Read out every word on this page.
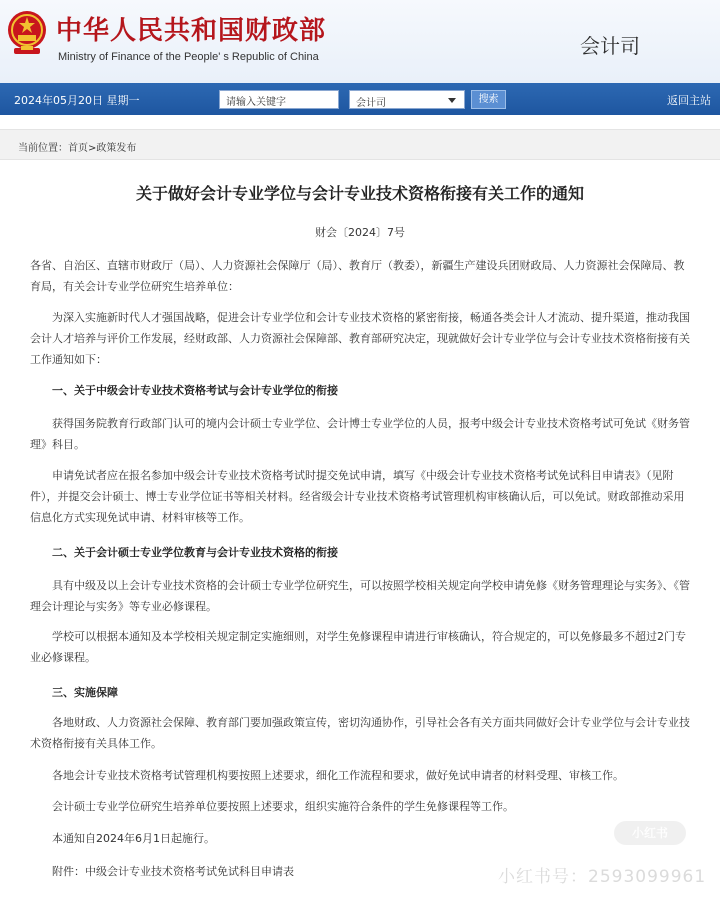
中华人民共和国财政部
Ministry of Finance of the People' s Republic of China	会计司
2024年05月20日 星期一	请输入关键字	会计司	搜索	返回主站
当前位置：首页>政策发布
关于做好会计专业学位与会计专业技术资格衔接有关工作的通知
财会〔2024〕7号
各省、自治区、直辖市财政厅（局）、人力资源社会保障厅（局）、教育厅（教委），新疆生产建设兵团财政局、人力资源社会保障局、教育局，有关会计专业学位研究生培养单位：
为深入实施新时代人才强国战略，促进会计专业学位和会计专业技术资格的紧密衔接，畅通各类会计人才流动、提升渠道，推动我国会计人才培养与评价工作发展，经财政部、人力资源社会保障部、教育部研究决定，现就做好会计专业学位与会计专业技术资格衔接有关工作通知如下：
一、关于中级会计专业技术资格考试与会计专业学位的衔接
获得国务院教育行政部门认可的境内会计硕士专业学位、会计博士专业学位的人员，报考中级会计专业技术资格考试可免试《财务管理》科目。
申请免试者应在报名参加中级会计专业技术资格考试时提交免试申请，填写《中级会计专业技术资格考试免试科目申请表》（见附件），并提交会计硕士、博士专业学位证书等相关材料。经省级会计专业技术资格考试管理机构审核确认后，可以免试。财政部推动采用信息化方式实现免试申请、材料审核等工作。
二、关于会计硕士专业学位教育与会计专业技术资格的衔接
具有中级及以上会计专业技术资格的会计硕士专业学位研究生，可以按照学校相关规定向学校申请免修《财务管理理论与实务》、《管理会计理论与实务》等专业必修课程。
学校可以根据本通知及本学校相关规定制定实施细则，对学生免修课程申请进行审核确认，符合规定的，可以免修最多不超过2门专业必修课程。
三、实施保障
各地财政、人力资源社会保障、教育部门要加强政策宣传，密切沟通协作，引导社会各有关方面共同做好会计专业学位与会计专业技术资格衔接有关具体工作。
各地会计专业技术资格考试管理机构要按照上述要求，细化工作流程和要求，做好免试申请者的材料受理、审核工作。
会计硕士专业学位研究生培养单位要按照上述要求，组织实施符合条件的学生免修课程等工作。
本通知自2024年6月1日起施行。
附件：中级会计专业技术资格考试免试科目申请表
小红书
小红书号：2593099961
